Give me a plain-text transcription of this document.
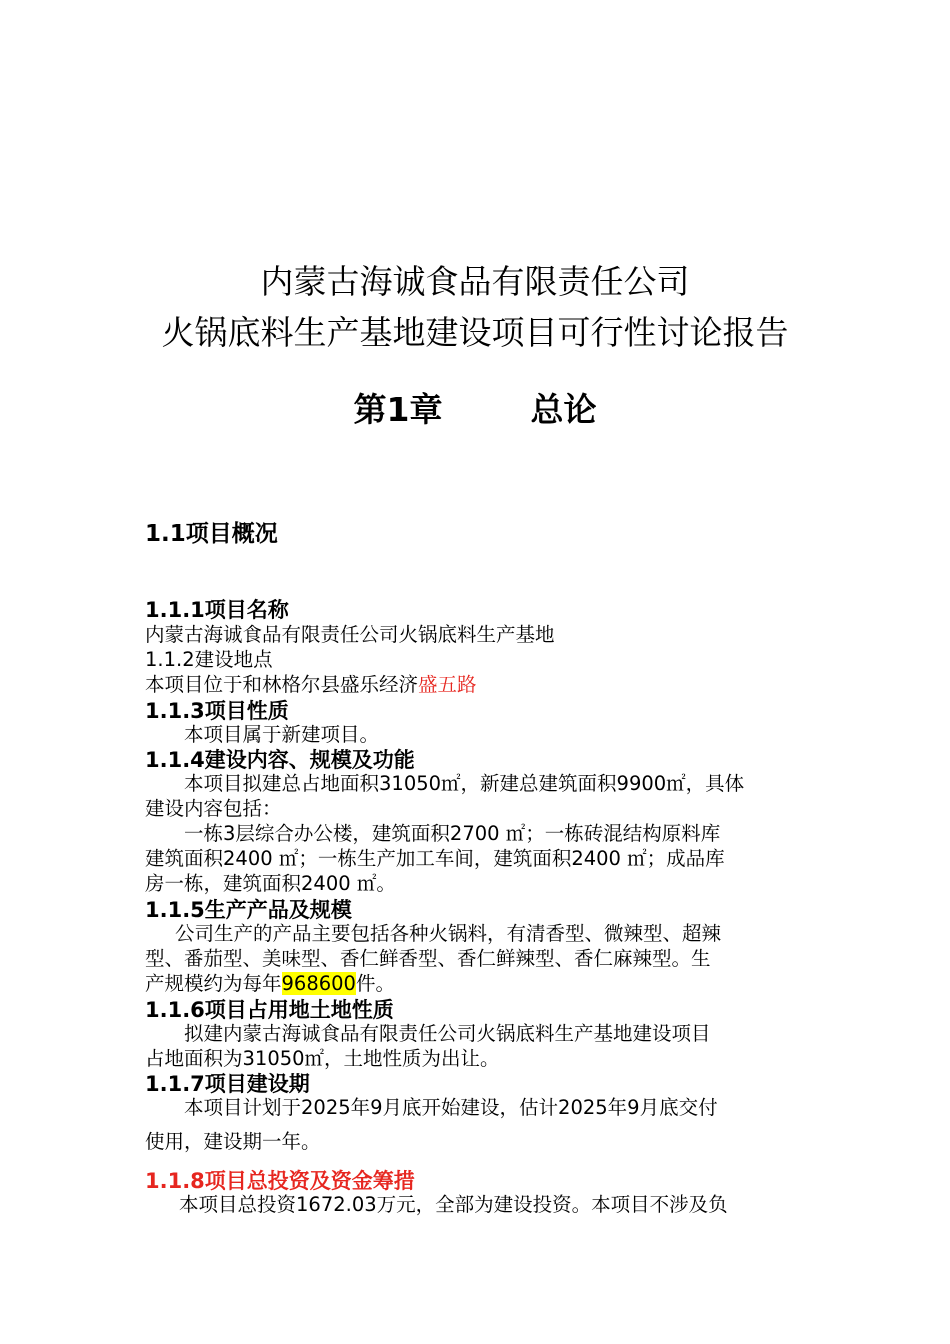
内蒙古海诚食品有限责任公司
火锅底料生产基地建设项目可行性讨论报告
第1章	总论
1.1项目概况
1.1.1项目名称
内蒙古海诚食品有限责任公司火锅底料生产基地
1.1.2建设地点
本项目位于和林格尔县盛乐经济盛五路
1.1.3项目性质
本项目属于新建项目。
1.1.4建设内容、规模及功能
本项目拟建总占地面积31050㎡，新建总建筑面积9900㎡，具体
建设内容包括：
一栋3层综合办公楼，建筑面积2700 ㎡；一栋砖混结构原料库
建筑面积2400 ㎡；一栋生产加工车间，建筑面积2400 ㎡；成品库
房一栋，建筑面积2400 ㎡。
1.1.5生产产品及规模
公司生产的产品主要包括各种火锅料，有清香型、微辣型、超辣
型、番茄型、美味型、香仁鲜香型、香仁鲜辣型、香仁麻辣型。生
产规模约为每年968600件。
1.1.6项目占用地土地性质
拟建内蒙古海诚食品有限责任公司火锅底料生产基地建设项目
占地面积为31050㎡，土地性质为出让。
1.1.7项目建设期
本项目计划于2025年9月底开始建设，估计2025年9月底交付
使用，建设期一年。
1.1.8项目总投资及资金筹措
本项目总投资1672.03万元，全部为建设投资。本项目不涉及负
